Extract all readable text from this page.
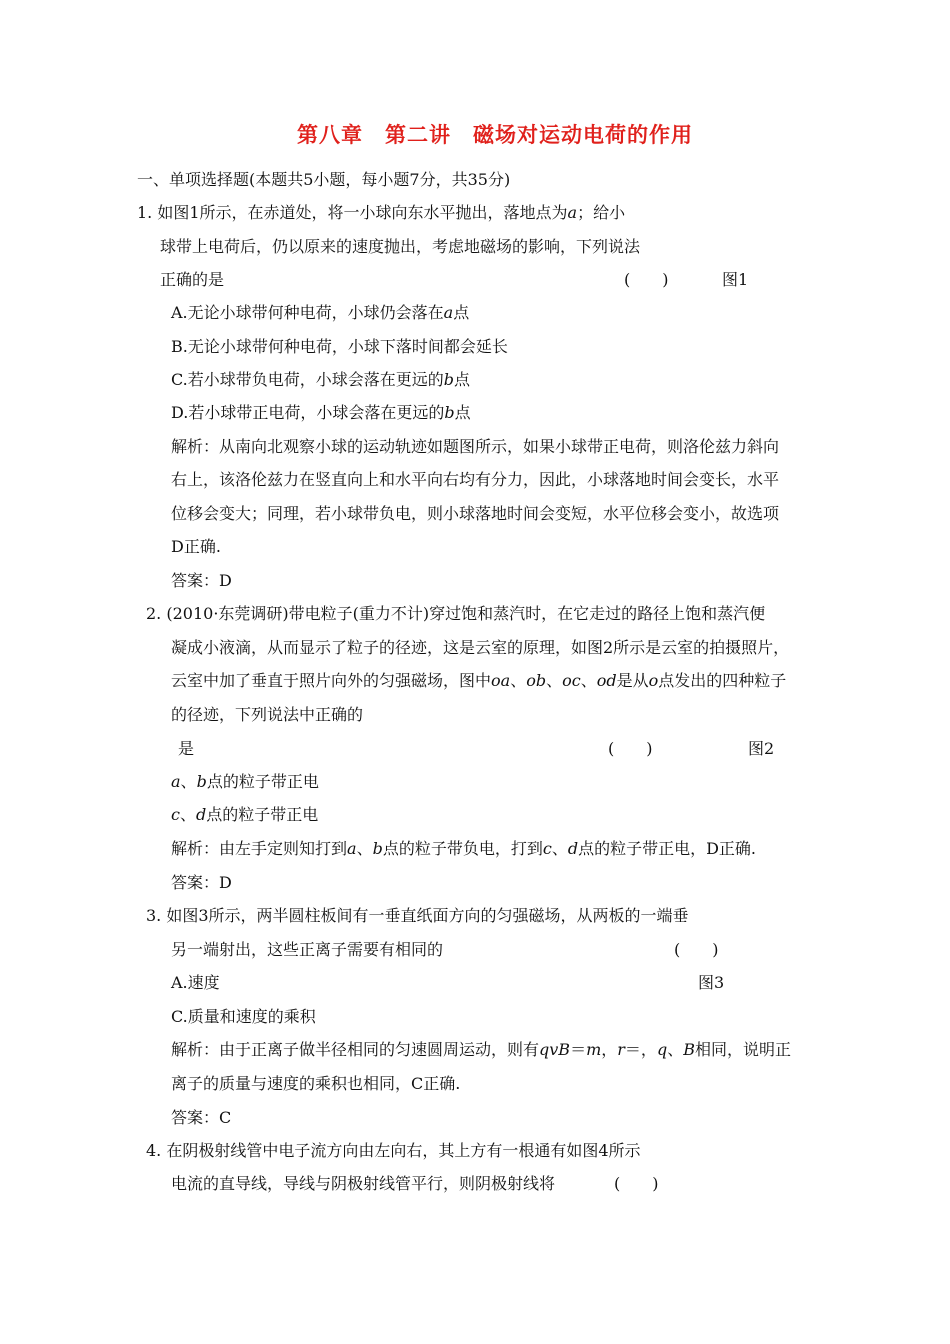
第八章　第二讲　磁场对运动电荷的作用
一、单项选择题(本题共5小题，每小题7分，共35分)
1. 如图1所示，在赤道处，将一小球向东水平抛出，落地点为a；给小
球带上电荷后，仍以原来的速度抛出，考虑地磁场的影响，下列说法
正确的是	(　　)	图1
A.无论小球带何种电荷，小球仍会落在a点
B.无论小球带何种电荷，小球下落时间都会延长
C.若小球带负电荷，小球会落在更远的b点
D.若小球带正电荷，小球会落在更远的b点
解析：从南向北观察小球的运动轨迹如题图所示，如果小球带正电荷，则洛伦兹力斜向
右上，该洛伦兹力在竖直向上和水平向右均有分力，因此，小球落地时间会变长，水平
位移会变大；同理，若小球带负电，则小球落地时间会变短，水平位移会变小，故选项
D正确.
答案：D
2. (2010·东莞调研)带电粒子(重力不计)穿过饱和蒸汽时，在它走过的路径上饱和蒸汽便
凝成小液滴，从而显示了粒子的径迹，这是云室的原理，如图2所示是云室的拍摄照片，
云室中加了垂直于照片向外的匀强磁场，图中oa、ob、oc、od是从o点发出的四种粒子
的径迹，下列说法中正确的
是	(　　)	图2
a、b点的粒子带正电
c、d点的粒子带正电
解析：由左手定则知打到a、b点的粒子带负电，打到c、d点的粒子带正电，D正确.
答案：D
3. 如图3所示，两半圆柱板间有一垂直纸面方向的匀强磁场，从两板的一端垂
另一端射出，这些正离子需要有相同的	(　　)
A.速度	图3
C.质量和速度的乘积
解析：由于正离子做半径相同的匀速圆周运动，则有qvB＝m，r＝，q、B相同，说明正
离子的质量与速度的乘积也相同，C正确.
答案：C
4. 在阴极射线管中电子流方向由左向右，其上方有一根通有如图4所示
电流的直导线，导线与阴极射线管平行，则阴极射线将	(　　)
